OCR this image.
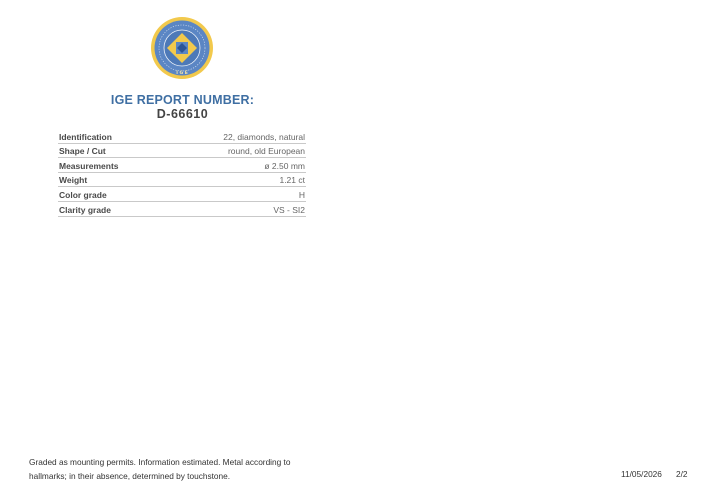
I G E
IGE REPORT NUMBER:
D-66610
Identification	22, diamonds, natural
Shape / Cut	round, old European
Measurements	ø 2.50 mm
Weight	1.21 ct
Color grade	H
Clarity grade	VS - SI2
Graded as mounting permits. Information estimated. Metal according to
hallmarks; in their absence, determined by touchstone.	11/05/2026 2/2
